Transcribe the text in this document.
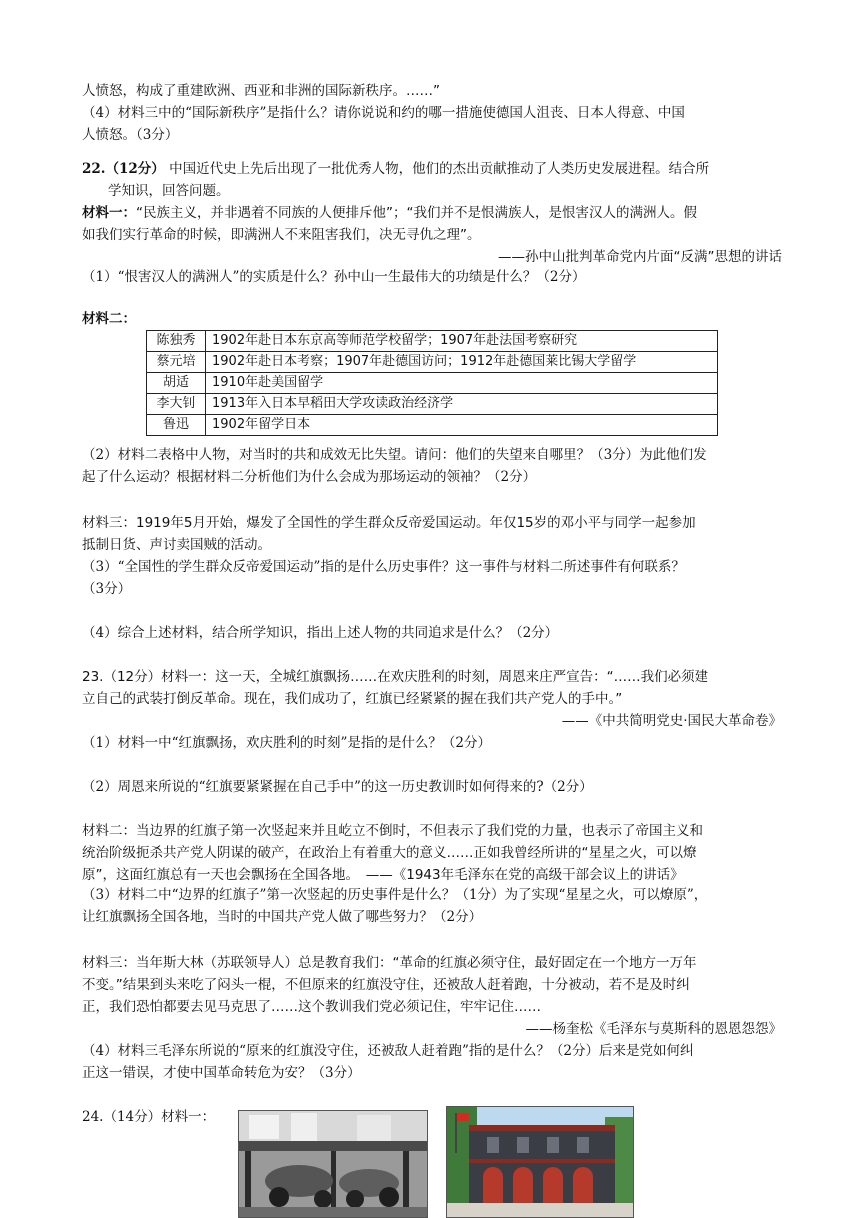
人愤怒，构成了重建欧洲、西亚和非洲的国际新秩序。……”
（4）材料三中的“国际新秩序”是指什么？请你说说和约的哪一措施使德国人沮丧、日本人得意、中国
人愤怒。（3分）
22.（12分） 中国近代史上先后出现了一批优秀人物，他们的杰出贡献推动了人类历史发展进程。结合所
学知识，回答问题。
材料一：“民族主义，并非遇着不同族的人便排斥他”；“我们并不是恨满族人，是恨害汉人的满洲人。假
如我们实行革命的时候，即满洲人不来阻害我们，决无寻仇之理”。
——孙中山批判革命党内片面“反满”思想的讲话
（1）“恨害汉人的满洲人”的实质是什么？孙中山一生最伟大的功绩是什么？（2分）
材料二：
陈独秀	1902年赴日本东京高等师范学校留学；1907年赴法国考察研究
蔡元培	1902年赴日本考察；1907年赴德国访问；1912年赴德国莱比锡大学留学
胡适	1910年赴美国留学
李大钊	1913年入日本早稻田大学攻读政治经济学
鲁迅	1902年留学日本
（2）材料二表格中人物，对当时的共和成效无比失望。请问：他们的失望来自哪里？（3分）为此他们发
起了什么运动？根据材料二分析他们为什么会成为那场运动的领袖？（2分）
材料三：1919年5月开始，爆发了全国性的学生群众反帝爱国运动。年仅15岁的邓小平与同学一起参加
抵制日货、声讨卖国贼的活动。
（3）“全国性的学生群众反帝爱国运动”指的是什么历史事件？这一事件与材料二所述事件有何联系？
（3分）
（4）综合上述材料，结合所学知识，指出上述人物的共同追求是什么？（2分）
23.（12分）材料一：这一天，全城红旗飘扬……在欢庆胜利的时刻，周恩来庄严宣告：“……我们必须建
立自己的武装打倒反革命。现在，我们成功了，红旗已经紧紧的握在我们共产党人的手中。”
——《中共简明党史·国民大革命卷》
（1）材料一中“红旗飘扬，欢庆胜利的时刻”是指的是什么？（2分）
（2）周恩来所说的“红旗要紧紧握在自己手中”的这一历史教训时如何得来的?（2分）
材料二：当边界的红旗子第一次竖起来并且屹立不倒时，不但表示了我们党的力量，也表示了帝国主义和
统治阶级扼杀共产党人阴谋的破产，在政治上有着重大的意义……正如我曾经所讲的“星星之火，可以燎
原”，这面红旗总有一天也会飘扬在全国各地。　——《1943年毛泽东在党的高级干部会议上的讲话》
（3）材料二中“边界的红旗子”第一次竖起的历史事件是什么？（1分）为了实现“星星之火，可以燎原”，
让红旗飘扬全国各地，当时的中国共产党人做了哪些努力？（2分）
材料三：当年斯大林（苏联领导人）总是教育我们：“革命的红旗必须守住，最好固定在一个地方一万年
不变。”结果到头来吃了闷头一棍，不但原来的红旗没守住，还被敌人赶着跑，十分被动，若不是及时纠
正，我们恐怕都要去见马克思了……这个教训我们党必须记住，牢牢记住……
——杨奎松《毛泽东与莫斯科的恩恩怨怨》
（4）材料三毛泽东所说的“原来的红旗没守住，还被敌人赶着跑”指的是什么？（2分）后来是党如何纠
正这一错误，才使中国革命转危为安？（3分）
24.（14分）材料一：
